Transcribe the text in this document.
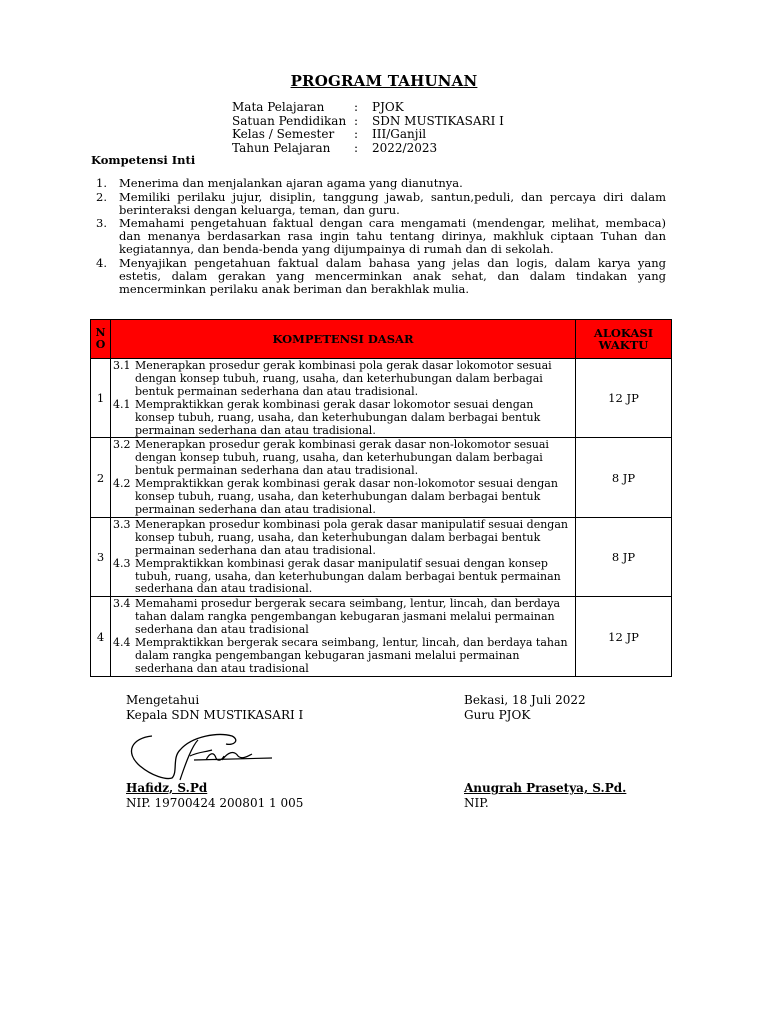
PROGRAM TAHUNAN
Mata Pelajaran	:	PJOK
Satuan Pendidikan :	SDN MUSTIKASARI I
Kelas / Semester	:	III/Ganjil
Tahun Pelajaran	:	2022/2023
Kompetensi Inti
1.	Menerima dan menjalankan ajaran agama yang dianutnya.
2.	Memiliki perilaku jujur, disiplin, tanggung jawab, santun,peduli, dan percaya diri dalam berinteraksi dengan keluarga, teman, dan guru.
3.	Memahami pengetahuan faktual dengan cara mengamati (mendengar, melihat, membaca) dan menanya berdasarkan rasa ingin tahu tentang dirinya, makhluk ciptaan Tuhan dan kegiatannya, dan benda-benda yang dijumpainya di rumah dan di sekolah.
4.	Menyajikan pengetahuan faktual dalam bahasa yang jelas dan logis, dalam karya yang estetis, dalam gerakan yang mencerminkan anak sehat, dan dalam tindakan yang mencerminkan perilaku anak beriman dan berakhlak mulia.
N
O	KOMPETENSI DASAR	ALOKASI
WAKTU
1	3.1 Menerapkan prosedur gerak kombinasi pola gerak dasar lokomotor sesuai dengan konsep tubuh, ruang, usaha, dan keterhubungan dalam berbagai bentuk permainan sederhana dan atau tradisional.
4.1 Mempraktikkan gerak kombinasi gerak dasar lokomotor sesuai dengan konsep tubuh, ruang, usaha, dan keterhubungan dalam berbagai bentuk permainan sederhana dan atau tradisional.	12 JP
2	3.2 Menerapkan prosedur gerak kombinasi gerak dasar non-lokomotor sesuai dengan konsep tubuh, ruang, usaha, dan keterhubungan dalam berbagai bentuk permainan sederhana dan atau tradisional.
4.2 Mempraktikkan gerak kombinasi gerak dasar non-lokomotor sesuai dengan konsep tubuh, ruang, usaha, dan keterhubungan dalam berbagai bentuk permainan sederhana dan atau tradisional.	8 JP
3	3.3 Menerapkan prosedur kombinasi pola gerak dasar manipulatif sesuai dengan konsep tubuh, ruang, usaha, dan keterhubungan dalam berbagai bentuk permainan sederhana dan atau tradisional.
4.3 Mempraktikkan kombinasi gerak dasar manipulatif sesuai dengan konsep tubuh, ruang, usaha, dan keterhubungan dalam berbagai bentuk permainan sederhana dan atau tradisional.	8 JP
4	3.4 Memahami prosedur bergerak secara seimbang, lentur, lincah, dan berdaya tahan dalam rangka pengembangan kebugaran jasmani melalui permainan sederhana dan atau tradisional
4.4 Mempraktikkan bergerak secara seimbang, lentur, lincah, dan berdaya tahan dalam rangka pengembangan kebugaran jasmani melalui permainan sederhana dan atau tradisional	12 JP
Mengetahui
Kepala SDN MUSTIKASARI I
Hafidz, S.Pd
NIP. 19700424 200801 1 005
Bekasi, 18 Juli 2022
Guru PJOK
Anugrah Prasetya, S.Pd.
NIP.
